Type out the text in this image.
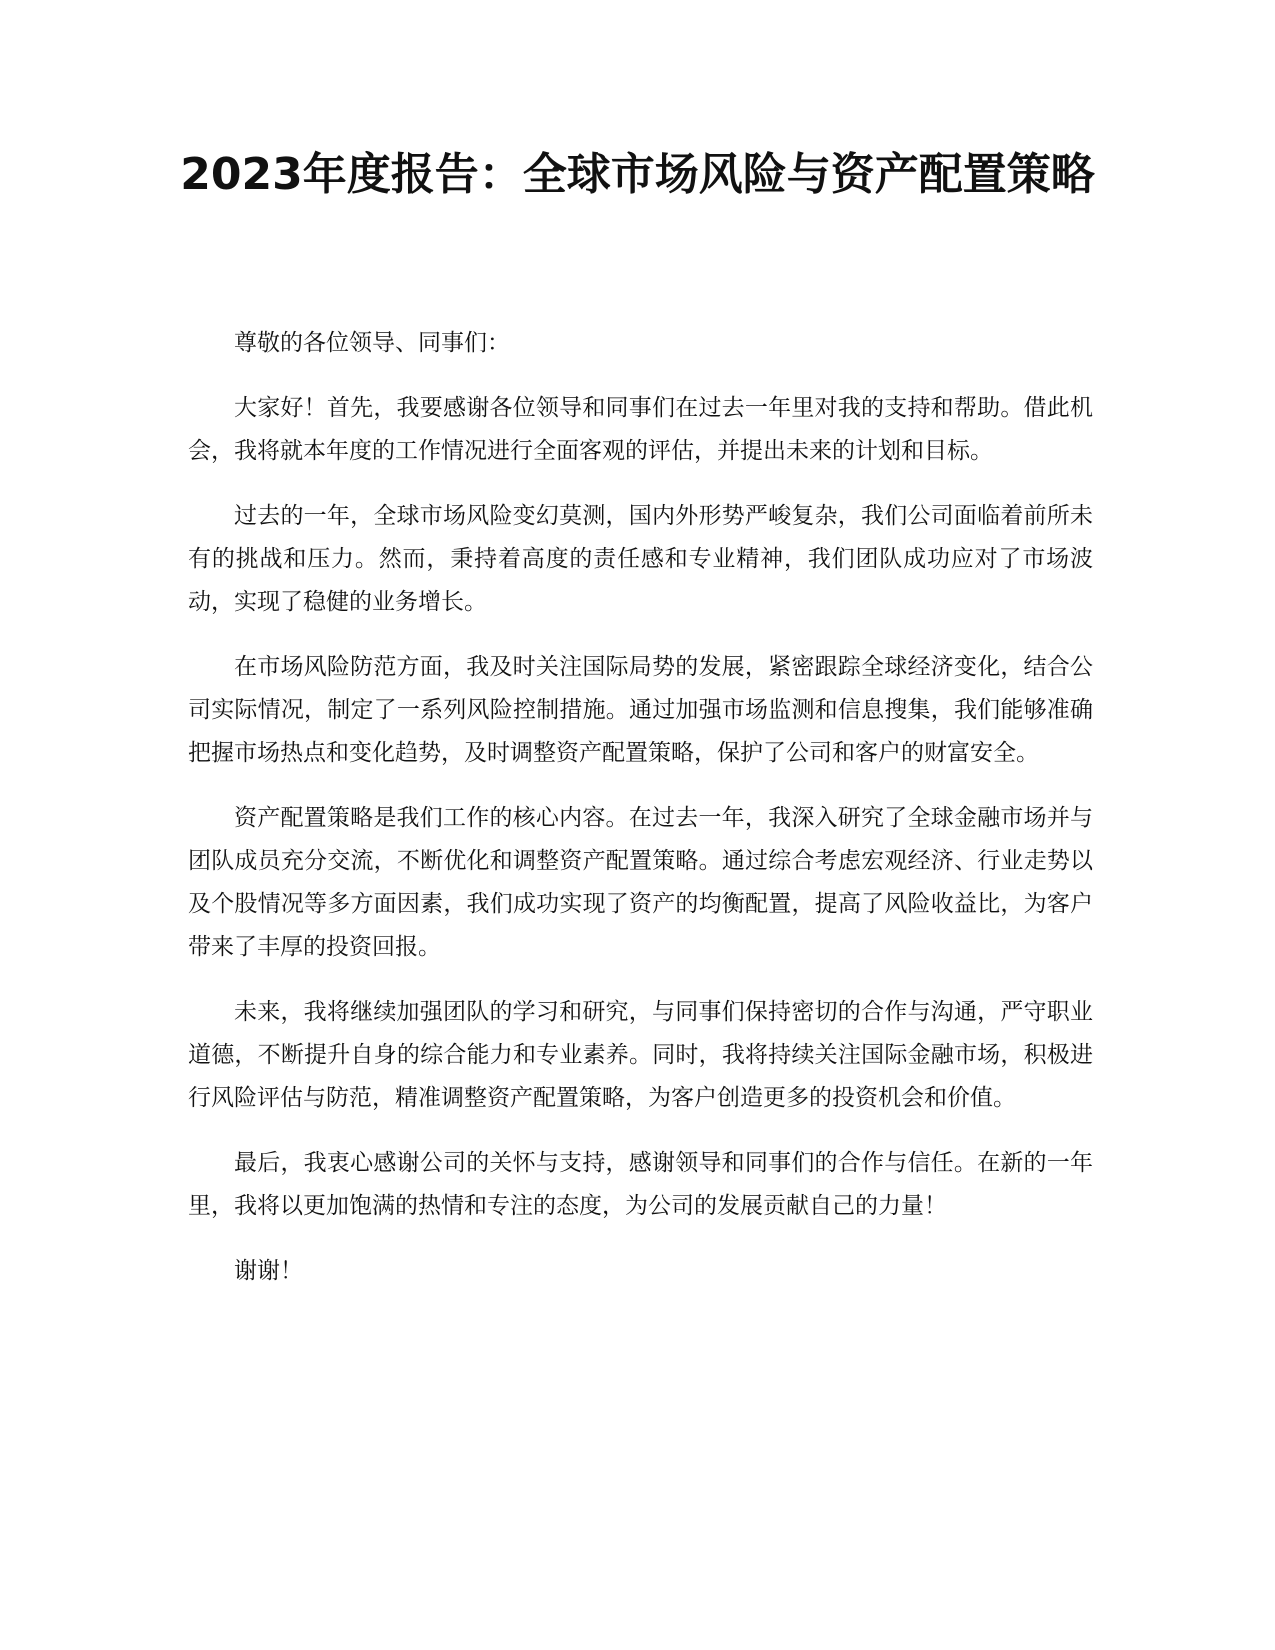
2023年度报告：全球市场风险与资产配置策略

尊敬的各位领导、同事们：

大家好！首先，我要感谢各位领导和同事们在过去一年里对我的支持和帮助。借此机会，我将就本年度的工作情况进行全面客观的评估，并提出未来的计划和目标。

过去的一年，全球市场风险变幻莫测，国内外形势严峻复杂，我们公司面临着前所未有的挑战和压力。然而，秉持着高度的责任感和专业精神，我们团队成功应对了市场波动，实现了稳健的业务增长。

在市场风险防范方面，我及时关注国际局势的发展，紧密跟踪全球经济变化，结合公司实际情况，制定了一系列风险控制措施。通过加强市场监测和信息搜集，我们能够准确把握市场热点和变化趋势，及时调整资产配置策略，保护了公司和客户的财富安全。

资产配置策略是我们工作的核心内容。在过去一年，我深入研究了全球金融市场并与团队成员充分交流，不断优化和调整资产配置策略。通过综合考虑宏观经济、行业走势以及个股情况等多方面因素，我们成功实现了资产的均衡配置，提高了风险收益比，为客户带来了丰厚的投资回报。

未来，我将继续加强团队的学习和研究，与同事们保持密切的合作与沟通，严守职业道德，不断提升自身的综合能力和专业素养。同时，我将持续关注国际金融市场，积极进行风险评估与防范，精准调整资产配置策略，为客户创造更多的投资机会和价值。

最后，我衷心感谢公司的关怀与支持，感谢领导和同事们的合作与信任。在新的一年里，我将以更加饱满的热情和专注的态度，为公司的发展贡献自己的力量！

谢谢！
